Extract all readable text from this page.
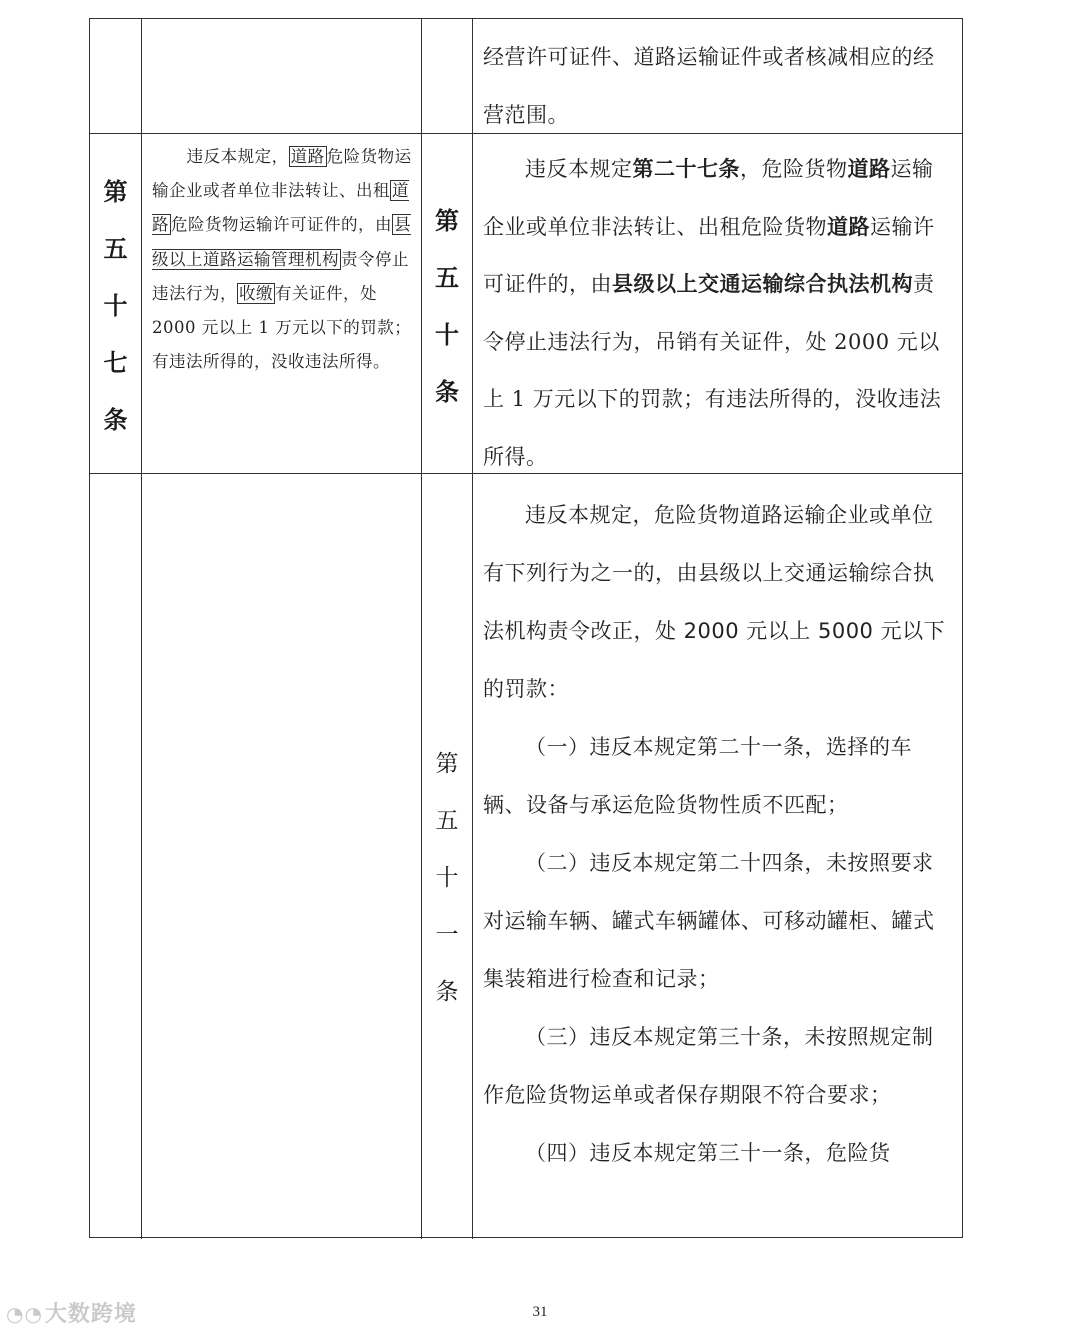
经营许可证件、道路运输证件或者核减相应的经营范围。
第
五
十
七
条
违反本规定， 道路 危险货物运输企业或者单位非法转让、出租 道路 危险货物运输许可证件的，由 县级以上道路运输管理机构 责令停止违法行为， 收缴 有关证件，处 2000 元以上 1 万元以下的罚款；有违法所得的，没收违法所得。
第
五
十
条
违反本规定第二十七条，危险货物道路运输企业或单位非法转让、出租危险货物道路运输许可证件的，由县级以上交通运输综合执法机构责令停止违法行为，吊销有关证件，处 2000 元以上 1 万元以下的罚款；有违法所得的，没收违法所得。
第
五
十
一
条

违反本规定，危险货物道路运输企业或单位有下列行为之一的，由县级以上交通运输综合执法机构责令改正，处 2000 元以上 5000 元以下的罚款：

（一）违反本规定第二十一条，选择的车辆、设备与承运危险货物性质不匹配；

（二）违反本规定第二十四条，未按照要求对运输车辆、罐式车辆罐体、可移动罐柜、罐式集装箱进行检查和记录；

（三）违反本规定第三十条，未按照规定制作危险货物运单或者保存期限不符合要求；

（四）违反本规定第三十一条，危险货

◔◔大数跨境	31
